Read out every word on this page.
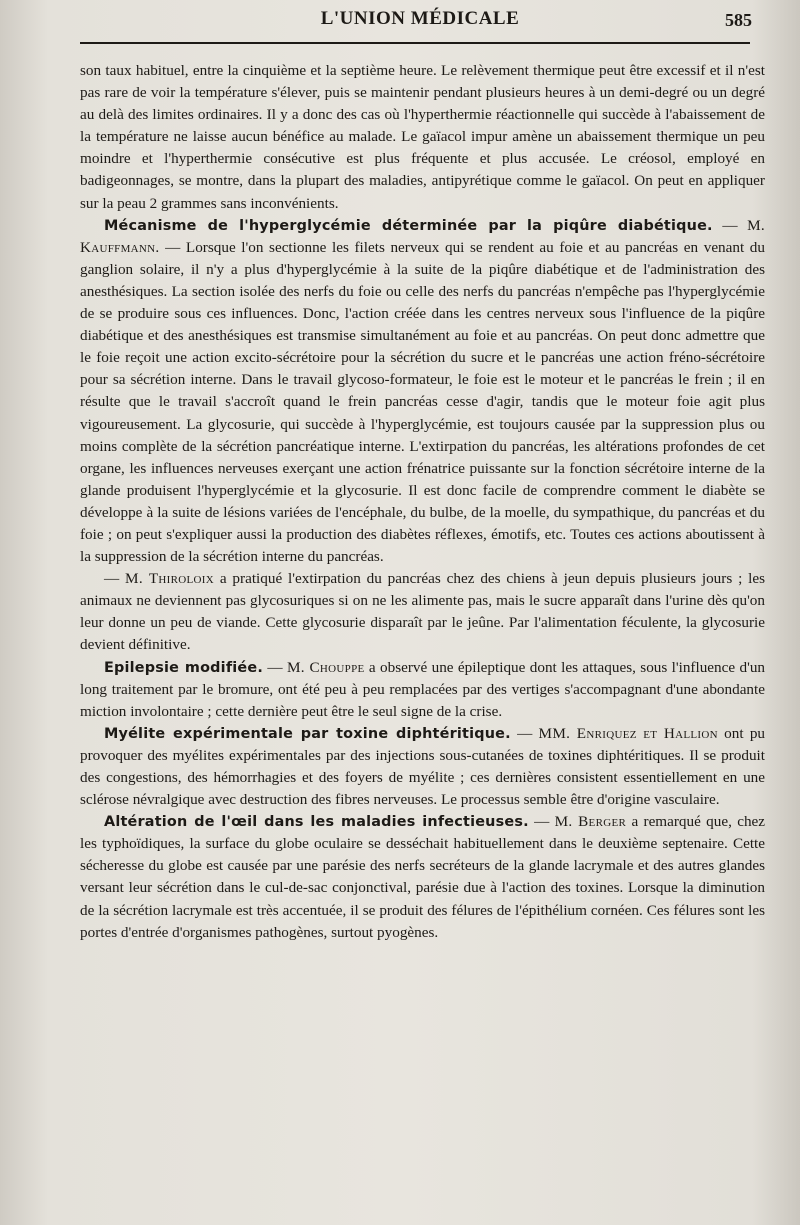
L'UNION MÉDICALE	585

son taux habituel, entre la cinquième et la septième heure. Le relèvement thermique peut être excessif et il n'est pas rare de voir la température s'élever, puis se maintenir pendant plusieurs heures à un demi-degré ou un degré au delà des limites ordinaires. Il y a donc des cas où l'hyperthermie réactionnelle qui succède à l'abaissement de la température ne laisse aucun bénéfice au malade. Le gaïacol impur amène un abaissement thermique un peu moindre et l'hyperthermie consécutive est plus fréquente et plus accusée. Le créosol, employé en badigeonnages, se montre, dans la plupart des maladies, antipyrétique comme le gaïacol. On peut en appliquer sur la peau 2 grammes sans inconvénients.

Mécanisme de l'hyperglycémie déterminée par la piqûre diabétique. — M. Kauffmann. — Lorsque l'on sectionne les filets nerveux qui se rendent au foie et au pancréas en venant du ganglion solaire, il n'y a plus d'hyperglycémie à la suite de la piqûre diabétique et de l'administration des anesthésiques. La section isolée des nerfs du foie ou celle des nerfs du pancréas n'empêche pas l'hyperglycémie de se produire sous ces influences. Donc, l'action créée dans les centres nerveux sous l'influence de la piqûre diabétique et des anesthésiques est transmise simultanément au foie et au pancréas. On peut donc admettre que le foie reçoit une action excito-sécrétoire pour la sécrétion du sucre et le pancréas une action fréno-sécrétoire pour sa sécrétion interne. Dans le travail glycoso-formateur, le foie est le moteur et le pancréas le frein ; il en résulte que le travail s'accroît quand le frein pancréas cesse d'agir, tandis que le moteur foie agit plus vigoureusement. La glycosurie, qui succède à l'hyperglycémie, est toujours causée par la suppression plus ou moins complète de la sécrétion pancréatique interne. L'extirpation du pancréas, les altérations profondes de cet organe, les influences nerveuses exerçant une action frénatrice puissante sur la fonction sécrétoire interne de la glande produisent l'hyperglycémie et la glycosurie. Il est donc facile de comprendre comment le diabète se développe à la suite de lésions variées de l'encéphale, du bulbe, de la moelle, du sympathique, du pancréas et du foie ; on peut s'expliquer aussi la production des diabètes réflexes, émotifs, etc. Toutes ces actions aboutissent à la suppression de la sécrétion interne du pancréas.

— M. Thiroloix a pratiqué l'extirpation du pancréas chez des chiens à jeun depuis plusieurs jours ; les animaux ne deviennent pas glycosuriques si on ne les alimente pas, mais le sucre apparaît dans l'urine dès qu'on leur donne un peu de viande. Cette glycosurie disparaît par le jeûne. Par l'alimentation féculente, la glycosurie devient définitive.

Epilepsie modifiée. — M. Chouppe a observé une épileptique dont les attaques, sous l'influence d'un long traitement par le bromure, ont été peu à peu remplacées par des vertiges s'accompagnant d'une abondante miction involontaire ; cette dernière peut être le seul signe de la crise.

Myélite expérimentale par toxine diphtéritique. — MM. Enriquez et Hallion ont pu provoquer des myélites expérimentales par des injections sous-cutanées de toxines diphtéritiques. Il se produit des congestions, des hémorrhagies et des foyers de myélite ; ces dernières consistent essentiellement en une sclérose névralgique avec destruction des fibres nerveuses. Le processus semble être d'origine vasculaire.

Altération de l'œil dans les maladies infectieuses. — M. Berger a remarqué que, chez les typhoïdiques, la surface du globe oculaire se desséchait habituellement dans le deuxième septenaire. Cette sécheresse du globe est causée par une parésie des nerfs secréteurs de la glande lacrymale et des autres glandes versant leur sécrétion dans le cul-de-sac conjonctival, parésie due à l'action des toxines. Lorsque la diminution de la sécrétion lacrymale est très accentuée, il se produit des félures de l'épithélium cornéen. Ces félures sont les portes d'entrée d'organismes pathogènes, surtout pyogènes.
